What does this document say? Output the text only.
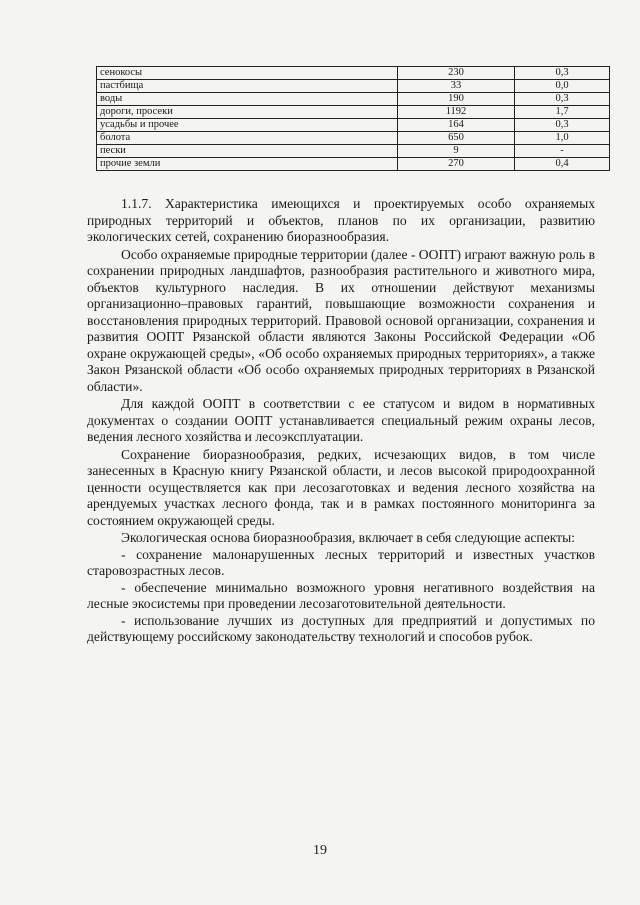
сенокосы	230	0,3
пастбища	33	0,0
воды	190	0,3
дороги, просеки	1192	1,7
усадьбы и прочее	164	0,3
болота	650	1,0
пески	9	-
прочие земли	270	0,4

1.1.7. Характеристика имеющихся и проектируемых особо охраняемых природных территорий и объектов, планов по их организации, развитию экологических сетей, сохранению биоразнообразия.

Особо охраняемые природные территории (далее - ООПТ) играют важную роль в сохранении природных ландшафтов, разнообразия растительного и животного мира, объектов культурного наследия. В их отношении действуют механизмы организационно–правовых гарантий, повышающие возможности сохранения и восстановления природных территорий. Правовой основой организации, сохранения и развития ООПТ Рязанской области являются Законы Российской Федерации «Об охране окружающей среды», «Об особо охраняемых природных территориях», а также Закон Рязанской области «Об особо охраняемых природных территориях в Рязанской области».

Для каждой ООПТ в соответствии с ее статусом и видом в нормативных документах о создании ООПТ устанавливается специальный режим охраны лесов, ведения лесного хозяйства и лесоэксплуатации.

Сохранение биоразнообразия, редких, исчезающих видов, в том числе занесенных в Красную книгу Рязанской области, и лесов высокой природоохранной ценности осуществляется как при лесозаготовках и ведения лесного хозяйства на арендуемых участках лесного фонда, так и в рамках постоянного мониторинга за состоянием окружающей среды.

Экологическая основа биоразнообразия, включает в себя следующие аспекты:

- сохранение малонарушенных лесных территорий и известных участков старовозрастных лесов.

- обеспечение минимально возможного уровня негативного воздействия на лесные экосистемы при проведении лесозаготовительной деятельности.

- использование лучших из доступных для предприятий и допустимых по действующему российскому законодательству технологий и способов рубок.

19
